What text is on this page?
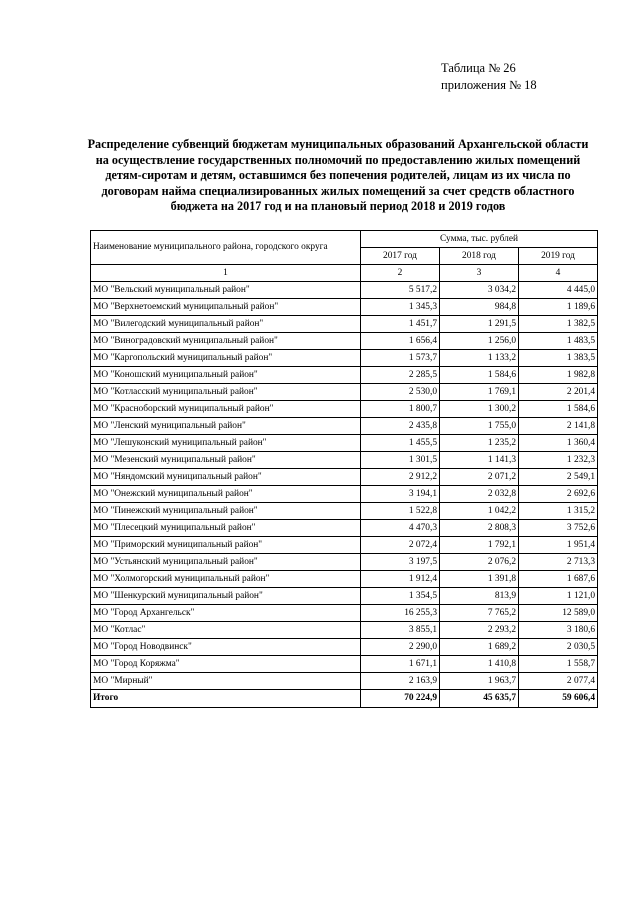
Таблица № 26
приложения № 18
Распределение субвенций бюджетам муниципальных образований Архангельской области на осуществление государственных полномочий по предоставлению жилых помещений детям-сиротам и детям, оставшимся без попечения родителей, лицам из их числа по договорам найма специализированных жилых помещений за счет средств областного бюджета на 2017 год и на плановый период 2018 и 2019 годов
Наименование муниципального района, городского округа	Сумма, тыс. рублей		
	2017 год	2018 год	2019 год
1	2	3	4
МО "Вельский муниципальный район"	5 517,2	3 034,2	4 445,0
МО "Верхнетоемский муниципальный район"	1 345,3	984,8	1 189,6
МО "Вилегодский муниципальный район"	1 451,7	1 291,5	1 382,5
МО "Виноградовский муниципальный район"	1 656,4	1 256,0	1 483,5
МО "Каргопольский муниципальный район"	1 573,7	1 133,2	1 383,5
МО "Коношский муниципальный район"	2 285,5	1 584,6	1 982,8
МО "Котласский муниципальный район"	2 530,0	1 769,1	2 201,4
МО "Красноборский муниципальный район"	1 800,7	1 300,2	1 584,6
МО "Ленский муниципальный район"	2 435,8	1 755,0	2 141,8
МО "Лешуконский муниципальный район"	1 455,5	1 235,2	1 360,4
МО "Мезенский муниципальный район"	1 301,5	1 141,3	1 232,3
МО "Няндомский муниципальный район"	2 912,2	2 071,2	2 549,1
МО "Онежский муниципальный район"	3 194,1	2 032,8	2 692,6
МО "Пинежский муниципальный район"	1 522,8	1 042,2	1 315,2
МО "Плесецкий муниципальный район"	4 470,3	2 808,3	3 752,6
МО "Приморский муниципальный район"	2 072,4	1 792,1	1 951,4
МО "Устьянский муниципальный район"	3 197,5	2 076,2	2 713,3
МО "Холмогорский муниципальный район"	1 912,4	1 391,8	1 687,6
МО "Шенкурский муниципальный район"	1 354,5	813,9	1 121,0
МО "Город Архангельск"	16 255,3	7 765,2	12 589,0
МО "Котлас"	3 855,1	2 293,2	3 180,6
МО "Город Новодвинск"	2 290,0	1 689,2	2 030,5
МО "Город Коряжма"	1 671,1	1 410,8	1 558,7
МО "Мирный"	2 163,9	1 963,7	2 077,4
Итого	70 224,9	45 635,7	59 606,4
